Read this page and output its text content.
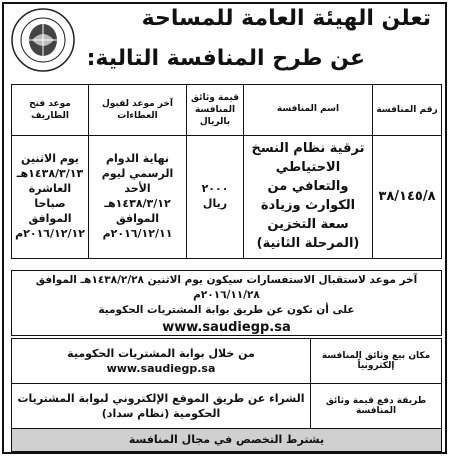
تعلن الهيئة العامة للمساحة
عن طرح المنافسة التالية:
رقم المنافسة	اسم المنافسة	قيمة وثائق المنافسة بالريال	آخر موعد لقبول العطاءات	موعد فتح الظاريف
٣٨/١٤٥/٨	ترقية نظام النسخ الاحتياطي والتعافي من الكوارث وزيادة سعة التخزين (المرحلة الثانية)	٢٠٠٠ ريال	نهاية الدوام الرسمي ليوم الأحد ١٤٣٨/٣/١٢هـ الموافق ٢٠١٦/١٢/١١م	يوم الاثنين ١٤٣٨/٣/١٣هـ العاشرة صباحا الموافق ٢٠١٦/١٢/١٢م
آخر موعد لاستقبال الاستفسارات سيكون يوم الاثنين ١٤٣٨/٢/٢٨هـ الموافق ٢٠١٦/١١/٢٨م
على أن تكون عن طريق بوابة المشتريات الحكومية
www.saudiegp.sa
مكان بيع وثائق المنافسة إلكترونياً	من خلال بوابة المشتريات الحكومية
www.saudiegp.sa

طريقة دفع قيمة وثائق المنافسة	الشراء عن طريق الموقع الإلكتروني لبوابة المشتريات الحكومية (نظام سداد)
يشترط التخصص في مجال المنافسة
